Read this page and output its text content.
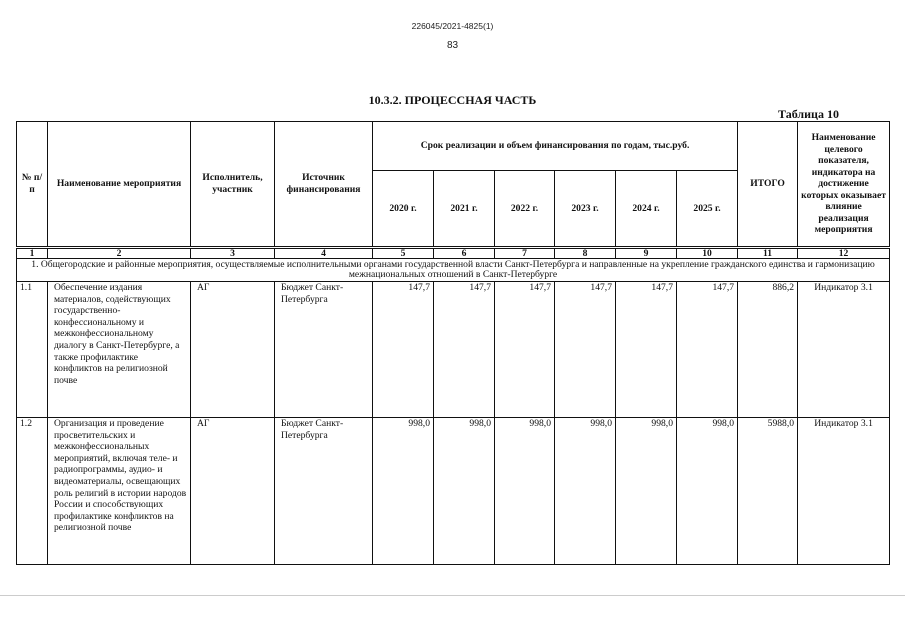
226045/2021-4825(1)
83
10.3.2. ПРОЦЕССНАЯ ЧАСТЬ
Таблица 10
№ п/п	Наименование мероприятия	Исполнитель, участник	Источник финансирования	Срок реализации и объем финансирования по годам, тыс.руб.						ИТОГО	Наименование целевого показателя, индикатора на достижение которых оказывает влияние реализация мероприятия
				2020 г.	2021 г.	2022 г.	2023 г.	2024 г.	2025 г.		
1	2	3	4	5	6	7	8	9	10	11	12
1. Общегородские и районные мероприятия, осуществляемые исполнительными органами государственной власти Санкт-Петербурга и направленные на укрепление гражданского единства и гармонизацию межнациональных отношений в Санкт-Петербурге											
1.1	Обеспечение издания материалов, содействующих государственно-конфессиональному и межконфессиональному диалогу в Санкт-Петербурге, а также профилактике конфликтов на религиозной почве	АГ	Бюджет Санкт-Петербурга	147,7	147,7	147,7	147,7	147,7	147,7	886,2	Индикатор 3.1
1.2	Организация и проведение просветительских и межконфессиональных мероприятий, включая теле- и радиопрограммы, аудио- и видеоматериалы, освещающих роль религий в истории народов России и способствующих профилактике конфликтов на религиозной почве	АГ	Бюджет Санкт-Петербурга	998,0	998,0	998,0	998,0	998,0	998,0	5988,0	Индикатор 3.1
